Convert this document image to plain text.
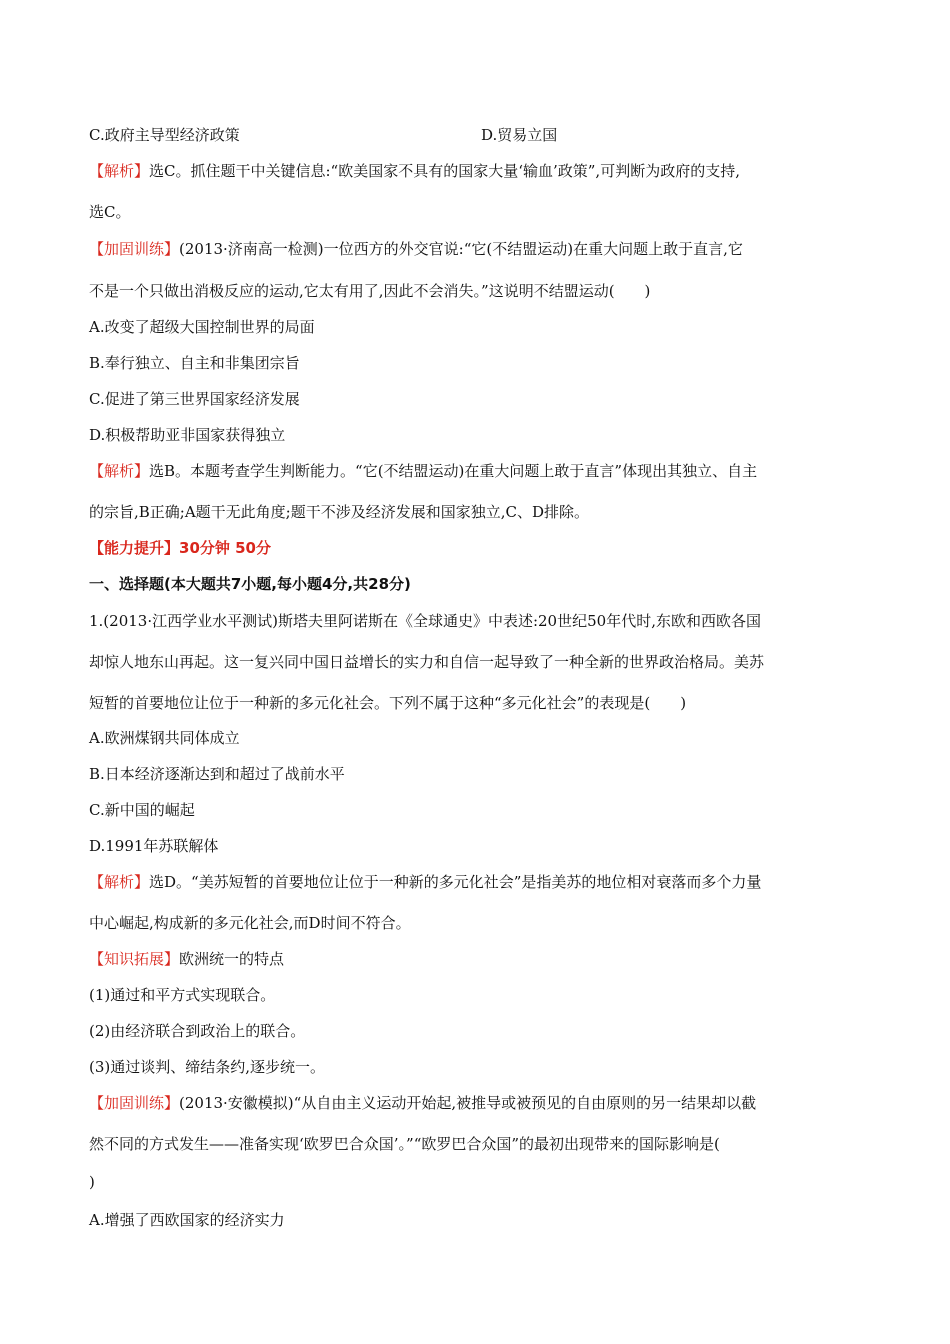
C.政府主导型经济政策	D.贸易立国
【解析】选C。抓住题干中关键信息:“欧美国家不具有的国家大量‘输血’政策”,可判断为政府的支持,
选C。
【加固训练】(2013·济南高一检测)一位西方的外交官说:“它(不结盟运动)在重大问题上敢于直言,它
不是一个只做出消极反应的运动,它太有用了,因此不会消失。”这说明不结盟运动(　　)
A.改变了超级大国控制世界的局面
B.奉行独立、自主和非集团宗旨
C.促进了第三世界国家经济发展
D.积极帮助亚非国家获得独立
【解析】选B。本题考查学生判断能力。“它(不结盟运动)在重大问题上敢于直言”体现出其独立、自主
的宗旨,B正确;A题干无此角度;题干不涉及经济发展和国家独立,C、D排除。
【能力提升】30分钟 50分
一、选择题(本大题共7小题,每小题4分,共28分)
1.(2013·江西学业水平测试)斯塔夫里阿诺斯在《全球通史》中表述:20世纪50年代时,东欧和西欧各国
却惊人地东山再起。这一复兴同中国日益增长的实力和自信一起导致了一种全新的世界政治格局。美苏
短暂的首要地位让位于一种新的多元化社会。下列不属于这种“多元化社会”的表现是(　　)
A.欧洲煤钢共同体成立
B.日本经济逐渐达到和超过了战前水平
C.新中国的崛起
D.1991年苏联解体
【解析】选D。“美苏短暂的首要地位让位于一种新的多元化社会”是指美苏的地位相对衰落而多个力量
中心崛起,构成新的多元化社会,而D时间不符合。
【知识拓展】欧洲统一的特点
(1)通过和平方式实现联合。
(2)由经济联合到政治上的联合。
(3)通过谈判、缔结条约,逐步统一。
【加固训练】(2013·安徽模拟)“从自由主义运动开始起,被推导或被预见的自由原则的另一结果却以截
然不同的方式发生——准备实现‘欧罗巴合众国’。”“欧罗巴合众国”的最初出现带来的国际影响是(
)
A.增强了西欧国家的经济实力
